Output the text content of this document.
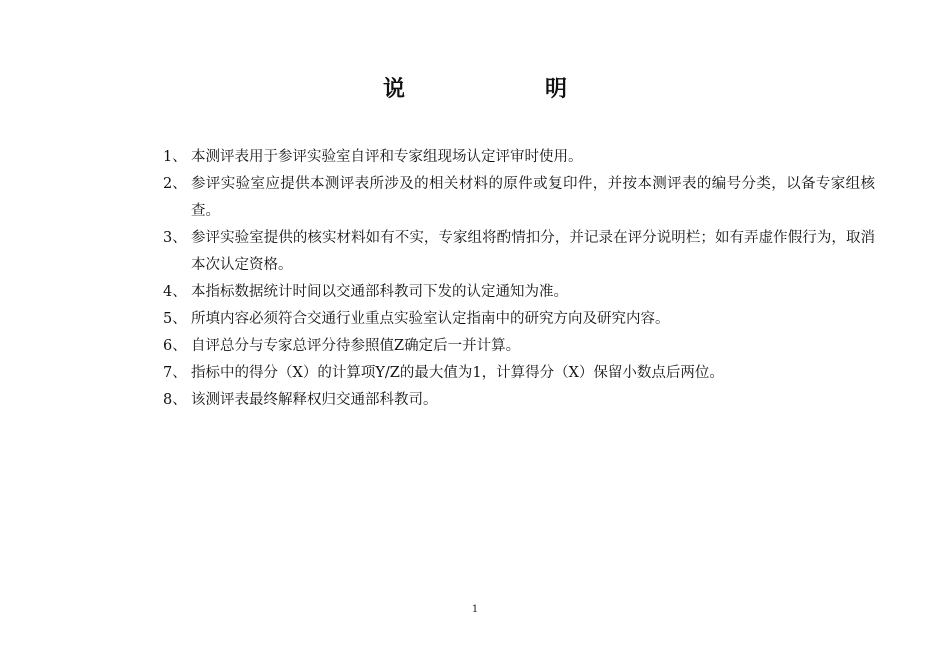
说	明
1、 本测评表用于参评实验室自评和专家组现场认定评审时使用。
2、 参评实验室应提供本测评表所涉及的相关材料的原件或复印件，并按本测评表的编号分类，以备专家组核查。
3、 参评实验室提供的核实材料如有不实，专家组将酌情扣分，并记录在评分说明栏；如有弄虚作假行为，取消本次认定资格。
4、 本指标数据统计时间以交通部科教司下发的认定通知为准。
5、 所填内容必须符合交通行业重点实验室认定指南中的研究方向及研究内容。
6、 自评总分与专家总评分待参照值Z确定后一并计算。
7、 指标中的得分（X）的计算项Y/Z的最大值为1，计算得分（X）保留小数点后两位。
8、 该测评表最终解释权归交通部科教司。
1
